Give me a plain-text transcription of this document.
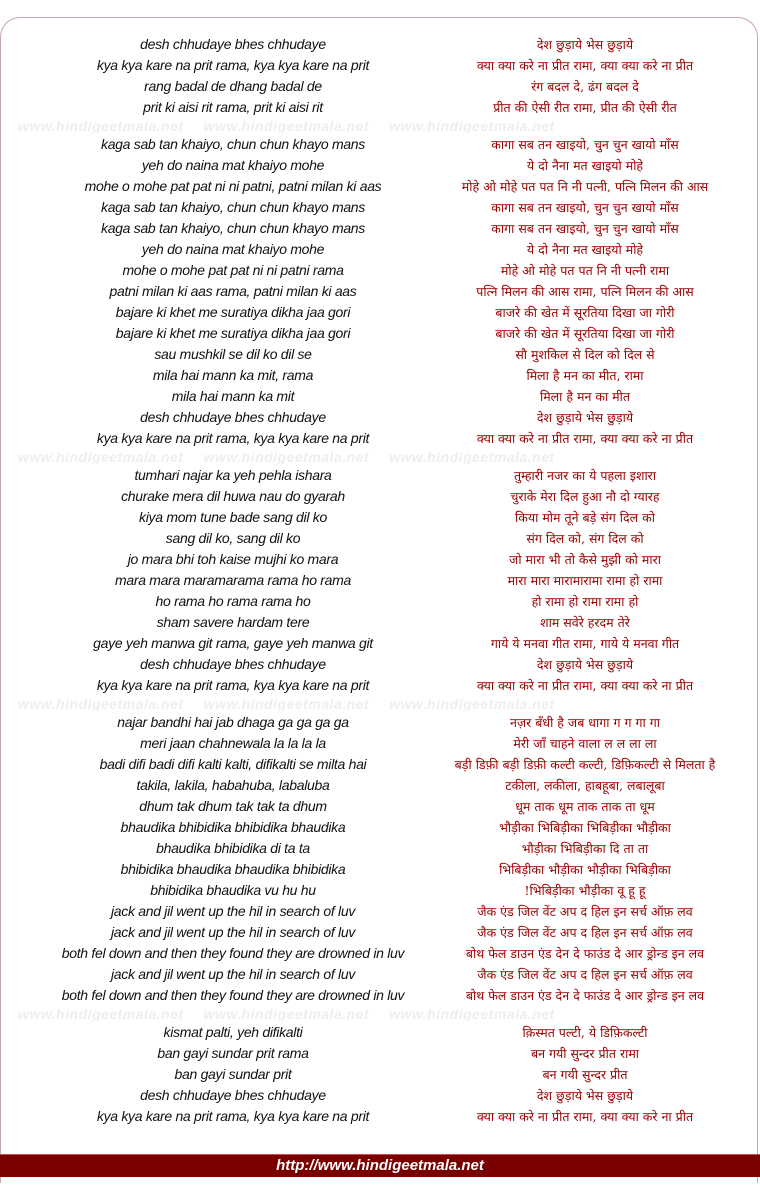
www.hindigeetmala.net www.hindigeetmala.net www.hindigeetmala.net
www.hindigeetmala.net www.hindigeetmala.net www.hindigeetmala.net
www.hindigeetmala.net www.hindigeetmala.net www.hindigeetmala.net
www.hindigeetmala.net www.hindigeetmala.net www.hindigeetmala.net
desh chhudaye bhes chhudaye
kya kya kare na prit rama, kya kya kare na prit
rang badal de dhang badal de
prit ki aisi rit rama, prit ki aisi rit
kaga sab tan khaiyo, chun chun khayo mans
yeh do naina mat khaiyo mohe
mohe o mohe pat pat ni ni patni, patni milan ki aas
kaga sab tan khaiyo, chun chun khayo mans
kaga sab tan khaiyo, chun chun khayo mans
yeh do naina mat khaiyo mohe
mohe o mohe pat pat ni ni patni rama
patni milan ki aas rama, patni milan ki aas
bajare ki khet me suratiya dikha jaa gori
bajare ki khet me suratiya dikha jaa gori
sau mushkil se dil ko dil se
mila hai mann ka mit, rama
mila hai mann ka mit
desh chhudaye bhes chhudaye
kya kya kare na prit rama, kya kya kare na prit
tumhari najar ka yeh pehla ishara
churake mera dil huwa nau do gyarah
kiya mom tune bade sang dil ko
sang dil ko, sang dil ko
jo mara bhi toh kaise mujhi ko mara
mara mara maramarama rama ho rama
ho rama ho rama rama ho
sham savere hardam tere
gaye yeh manwa git rama, gaye yeh manwa git
desh chhudaye bhes chhudaye
kya kya kare na prit rama, kya kya kare na prit
najar bandhi hai jab dhaga ga ga ga ga
meri jaan chahnewala la la la la
badi difi badi difi kalti kalti, difikalti se milta hai
takila, lakila, habahuba, labaluba
dhum tak dhum tak tak ta dhum
bhaudika bhibidika bhibidika bhaudika
bhaudika bhibidika di ta ta
bhibidika bhaudika bhaudika bhibidika
bhibidika bhaudika vu hu hu
jack and jil went up the hil in search of luv
jack and jil went up the hil in search of luv
both fel down and then they found they are drowned in luv
jack and jil went up the hil in search of luv
both fel down and then they found they are drowned in luv
kismat palti, yeh difikalti
ban gayi sundar prit rama
ban gayi sundar prit
desh chhudaye bhes chhudaye
kya kya kare na prit rama, kya kya kare na prit
देश छुड़ाये भेस छुड़ाये
क्या क्या करे ना प्रीत रामा, क्या क्या करे ना प्रीत
रंग बदल दे, ढंग बदल दे
प्रीत की ऐसी रीत रामा, प्रीत की ऐसी रीत
कागा सब तन खाइयो, चुन चुन खायो माँस
ये दो नैना मत खाइयो मोहे
मोहे ओ मोहे पत पत नि नी पत्नी, पत्नि मिलन की आस
कागा सब तन खाइयो, चुन चुन खायो माँस
कागा सब तन खाइयो, चुन चुन खायो माँस
ये दो नैना मत खाइयो मोहे
मोहे ओ मोहे पत पत नि नी पत्नी रामा
पत्नि मिलन की आस रामा, पत्नि मिलन की आस
बाजरे की खेत में सूरतिया दिखा जा गोरी
बाजरे की खेत में सूरतिया दिखा जा गोरी
सौ मुशकिल से दिल को दिल से
मिला है मन का मीत, रामा
मिला है मन का मीत
देश छुड़ाये भेस छुड़ाये
क्या क्या करे ना प्रीत रामा, क्या क्या करे ना प्रीत
तुम्हारी नजर का ये पहला इशारा
चुराके मेरा दिल हुआ नौ दो ग्यारह
किया मोम तूने बड़े संग दिल को
संग दिल को, संग दिल को
जो मारा भी तो कैसे मुझी को मारा
मारा मारा मारामारामा रामा हो रामा
हो रामा हो रामा रामा हो
शाम सवेरे हरदम तेरे
गाये ये मनवा गीत रामा, गाये ये मनवा गीत
देश छुड़ाये भेस छुड़ाये
क्या क्या करे ना प्रीत रामा, क्या क्या करे ना प्रीत
नज़र बँधी है जब धागा ग ग गा गा
मेरी जाँ चाहने वाला ल ल ला ला
बड़ी डिफ़ी बड़ी डिफ़ी कल्टी कल्टी, डिफ़िकल्टी से मिलता है
टकीला, लकीला, हाबहूबा, लबालूबा
धूम ताक धूम ताक ताक ता धूम
भौड़ीका भिबिड़ीका भिबिड़ीका भौड़ीका
भौड़ीका भिबिड़ीका दि ता ता
भिबिड़ीका भौड़ीका भौड़ीका भिबिड़ीका
!भिबिड़ीका भौड़ीका वू हू हू
जैक एंड जिल वेंट अप द हिल इन सर्च ऑफ़ लव
जैक एंड जिल वेंट अप द हिल इन सर्च ऑफ़ लव
बोथ फेल डाउन एंड देन दे फाउंड दे आर ड्रोन्ड इन लव
जैक एंड जिल वेंट अप द हिल इन सर्च ऑफ़ लव
बोथ फेल डाउन एंड देन दे फाउंड दे आर ड्रोन्ड इन लव
क़िस्मत पल्टी, ये डिफ़िकल्टी
बन गयी सुन्दर प्रीत रामा
बन गयी सुन्दर प्रीत
देश छुड़ाये भेस छुड़ाये
क्या क्या करे ना प्रीत रामा, क्या क्या करे ना प्रीत
http://www.hindigeetmala.net
